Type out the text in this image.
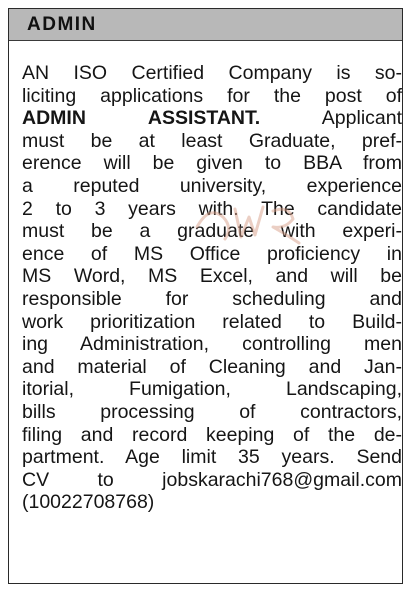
ADMIN
AN ISO Certified Company is so-
liciting applications for the post of
ADMIN ASSISTANT. Applicant
must be at least Graduate, pref-
erence will be given to BBA from
a reputed university, experience
2 to 3 years with. The candidate
must be a graduate with experi-
ence of MS Office proficiency in
MS Word, MS Excel, and will be
responsible for scheduling and
work prioritization related to Build-
ing Administration, controlling men
and material of Cleaning and Jan-
itorial, Fumigation, Landscaping,
bills processing of contractors,
filing and record keeping of the de-
partment. Age limit 35 years. Send
CV to jobskarachi768@gmail.com
(10022708768)
